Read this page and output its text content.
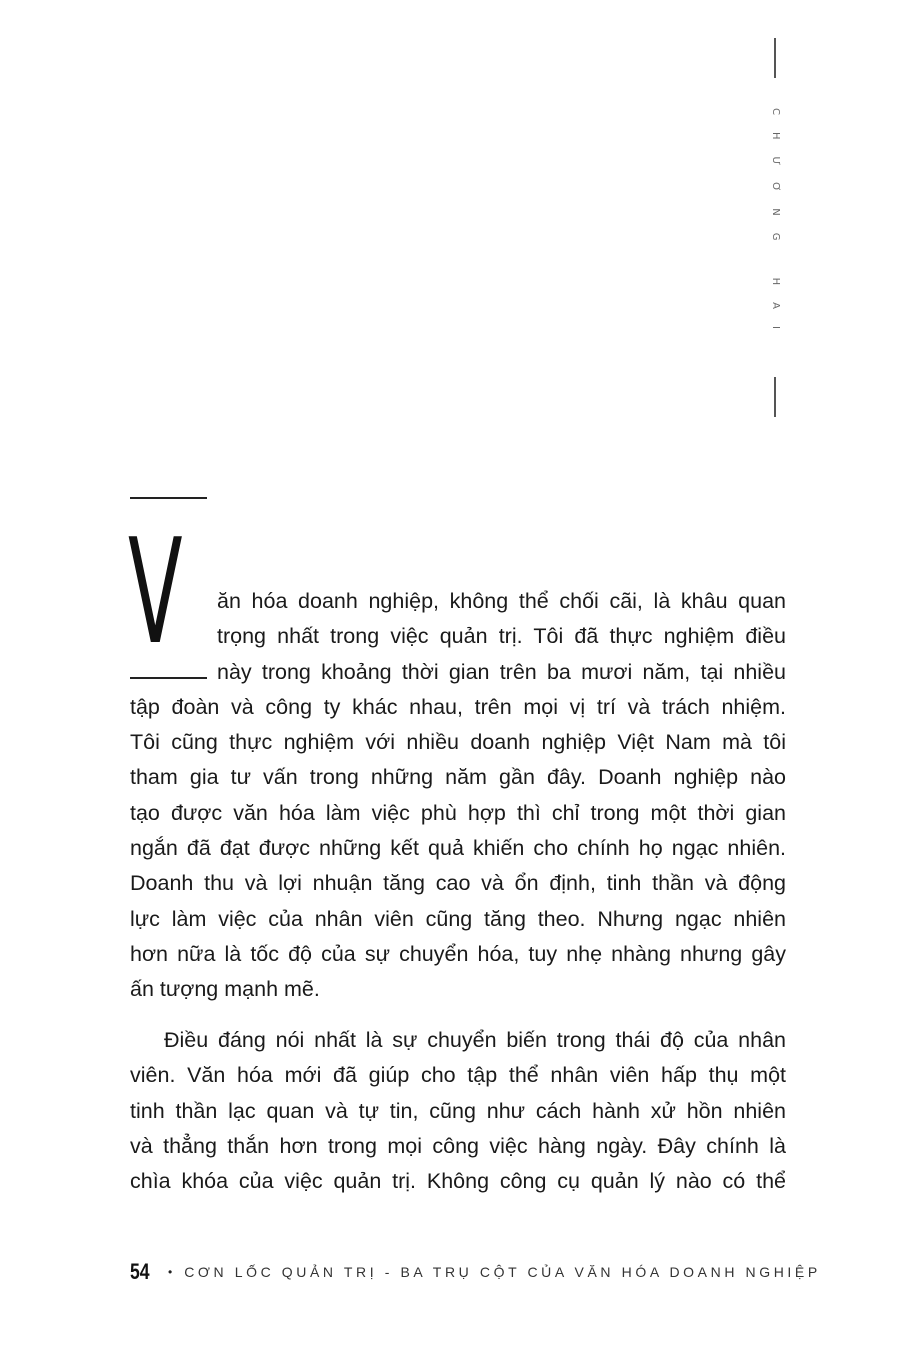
CHƯƠNG HAI
V	ăn hóa doanh nghiệp, không thể chối cãi, là khâu quan
trọng nhất trong việc quản trị. Tôi đã thực nghiệm điều
này trong khoảng thời gian trên ba mươi năm, tại nhiều
tập đoàn và công ty khác nhau, trên mọi vị trí và trách nhiệm.
Tôi cũng thực nghiệm với nhiều doanh nghiệp Việt Nam mà tôi
tham gia tư vấn trong những năm gần đây. Doanh nghiệp nào
tạo được văn hóa làm việc phù hợp thì chỉ trong một thời gian
ngắn đã đạt được những kết quả khiến cho chính họ ngạc nhiên.
Doanh thu và lợi nhuận tăng cao và ổn định, tinh thần và động
lực làm việc của nhân viên cũng tăng theo. Nhưng ngạc nhiên
hơn nữa là tốc độ của sự chuyển hóa, tuy nhẹ nhàng nhưng gây
ấn tượng mạnh mẽ.
Điều đáng nói nhất là sự chuyển biến trong thái độ của nhân
viên. Văn hóa mới đã giúp cho tập thể nhân viên hấp thụ một
tinh thần lạc quan và tự tin, cũng như cách hành xử hồn nhiên
và thẳng thắn hơn trong mọi công việc hàng ngày. Đây chính là
chìa khóa của việc quản trị. Không công cụ quản lý nào có thể
54 • CƠN LỐC QUẢN TRỊ - BA TRỤ CỘT CỦA VĂN HÓA DOANH NGHIỆP
